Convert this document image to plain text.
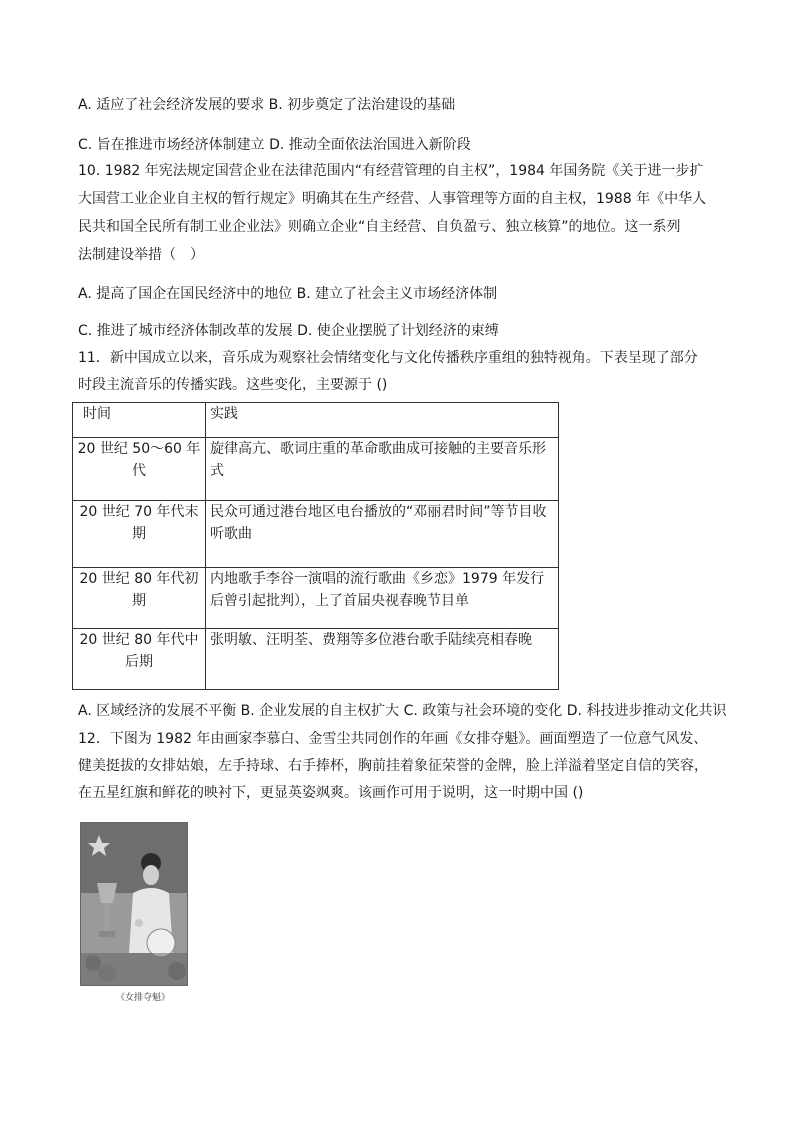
A. 适应了社会经济发展的要求 B. 初步奠定了法治建设的基础
C. 旨在推进市场经济体制建立 D. 推动全面依法治国进入新阶段
10. 1982 年宪法规定国营企业在法律范围内“有经营管理的自主权”，1984 年国务院《关于进一步扩
大国营工业企业自主权的暂行规定》明确其在生产经营、人事管理等方面的自主权，1988 年《中华人
民共和国全民所有制工业企业法》则确立企业“自主经营、自负盈亏、独立核算”的地位。这一系列
法制建设举措（　）
A. 提高了国企在国民经济中的地位 B. 建立了社会主义市场经济体制
C. 推进了城市经济体制改革的发展 D. 使企业摆脱了计划经济的束缚
11．新中国成立以来，音乐成为观察社会情绪变化与文化传播秩序重组的独特视角。下表呈现了部分
时段主流音乐的传播实践。这些变化，主要源于 ()
时间	实践
20 世纪 50～60 年代	旋律高亢、歌词庄重的革命歌曲成可接触的主要音乐形式
20 世纪 70 年代末期	民众可通过港台地区电台播放的“邓丽君时间”等节目收听歌曲
20 世纪 80 年代初期	内地歌手李谷一演唱的流行歌曲《乡恋》1979 年发行后曾引起批判），上了首届央视春晚节目单
20 世纪 80 年代中后期	张明敏、汪明荃、费翔等多位港台歌手陆续亮相春晚
A. 区域经济的发展不平衡 B. 企业发展的自主权扩大 C. 政策与社会环境的变化 D. 科技进步推动文化共识
12．下图为 1982 年由画家李慕白、金雪尘共同创作的年画《女排夺魁》。画面塑造了一位意气风发、
健美挺拔的女排姑娘，左手持球、右手捧杯，胸前挂着象征荣誉的金牌，脸上洋溢着坚定自信的笑容，
在五星红旗和鲜花的映衬下，更显英姿飒爽。该画作可用于说明，这一时期中国 ()
《女排夺魁》
